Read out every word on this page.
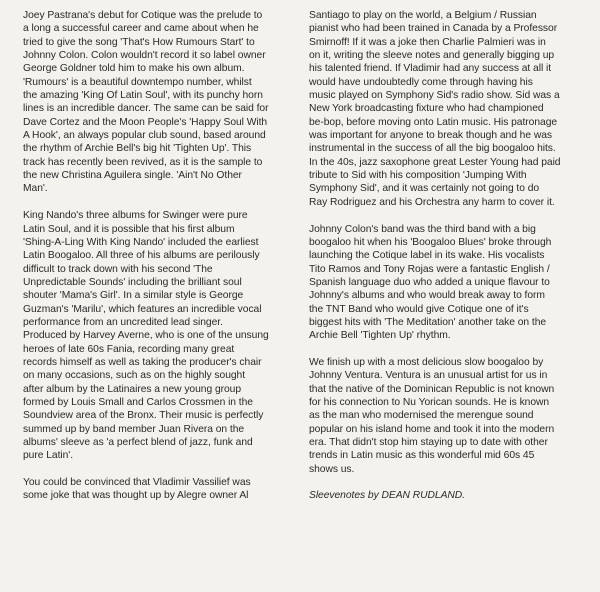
Joey Pastrana's debut for Cotique was the prelude to
a long a successful career and came about when he
tried to give the song 'That's How Rumours Start' to
Johnny Colon. Colon wouldn't record it so label owner
George Goldner told him to make his own album.
'Rumours' is a beautiful downtempo number, whilst
the amazing 'King Of Latin Soul', with its punchy horn
lines is an incredible dancer. The same can be said for
Dave Cortez and the Moon People's 'Happy Soul With
A Hook', an always popular club sound, based around
the rhythm of Archie Bell's big hit 'Tighten Up'. This
track has recently been revived, as it is the sample to
the new Christina Aguilera single. 'Ain't No Other
Man'.

King Nando's three albums for Swinger were pure
Latin Soul, and it is possible that his first album
'Shing-A-Ling With King Nando' included the earliest
Latin Boogaloo. All three of his albums are perilously
difficult to track down with his second 'The
Unpredictable Sounds' including the brilliant soul
shouter 'Mama's Girl'. In a similar style is George
Guzman's 'Marilu', which features an incredible vocal
performance from an uncredited lead singer.
Produced by Harvey Averne, who is one of the unsung
heroes of late 60s Fania, recording many great
records himself as well as taking the producer's chair
on many occasions, such as on the highly sought
after album by the Latinaires a new young group
formed by Louis Small and Carlos Crossmen in the
Soundview area of the Bronx. Their music is perfectly
summed up by band member Juan Rivera on the
albums' sleeve as 'a perfect blend of jazz, funk and
pure Latin'.

You could be convinced that Vladimir Vassilief was
some joke that was thought up by Alegre owner Al

Santiago to play on the world, a Belgium / Russian
pianist who had been trained in Canada by a Professor
Smirnoff! If it was a joke then Charlie Palmieri was in
on it, writing the sleeve notes and generally bigging up
his talented friend. If Vladimir had any success at all it
would have undoubtedly come through having his
music played on Symphony Sid's radio show. Sid was a
New York broadcasting fixture who had championed
be-bop, before moving onto Latin music. His patronage
was important for anyone to break though and he was
instrumental in the success of all the big boogaloo hits.
In the 40s, jazz saxophone great Lester Young had paid
tribute to Sid with his composition 'Jumping With
Symphony Sid', and it was certainly not going to do
Ray Rodriguez and his Orchestra any harm to cover it.

Johnny Colon's band was the third band with a big
boogaloo hit when his 'Boogaloo Blues' broke through
launching the Cotique label in its wake. His vocalists
Tito Ramos and Tony Rojas were a fantastic English /
Spanish language duo who added a unique flavour to
Johnny's albums and who would break away to form
the TNT Band who would give Cotique one of it's
biggest hits with 'The Meditation' another take on the
Archie Bell 'Tighten Up' rhythm.

We finish up with a most delicious slow boogaloo by
Johnny Ventura. Ventura is an unusual artist for us in
that the native of the Dominican Republic is not known
for his connection to Nu Yorican sounds. He is known
as the man who modernised the merengue sound
popular on his island home and took it into the modern
era. That didn't stop him staying up to date with other
trends in Latin music as this wonderful mid 60s 45
shows us.

Sleevenotes by DEAN RUDLAND.
